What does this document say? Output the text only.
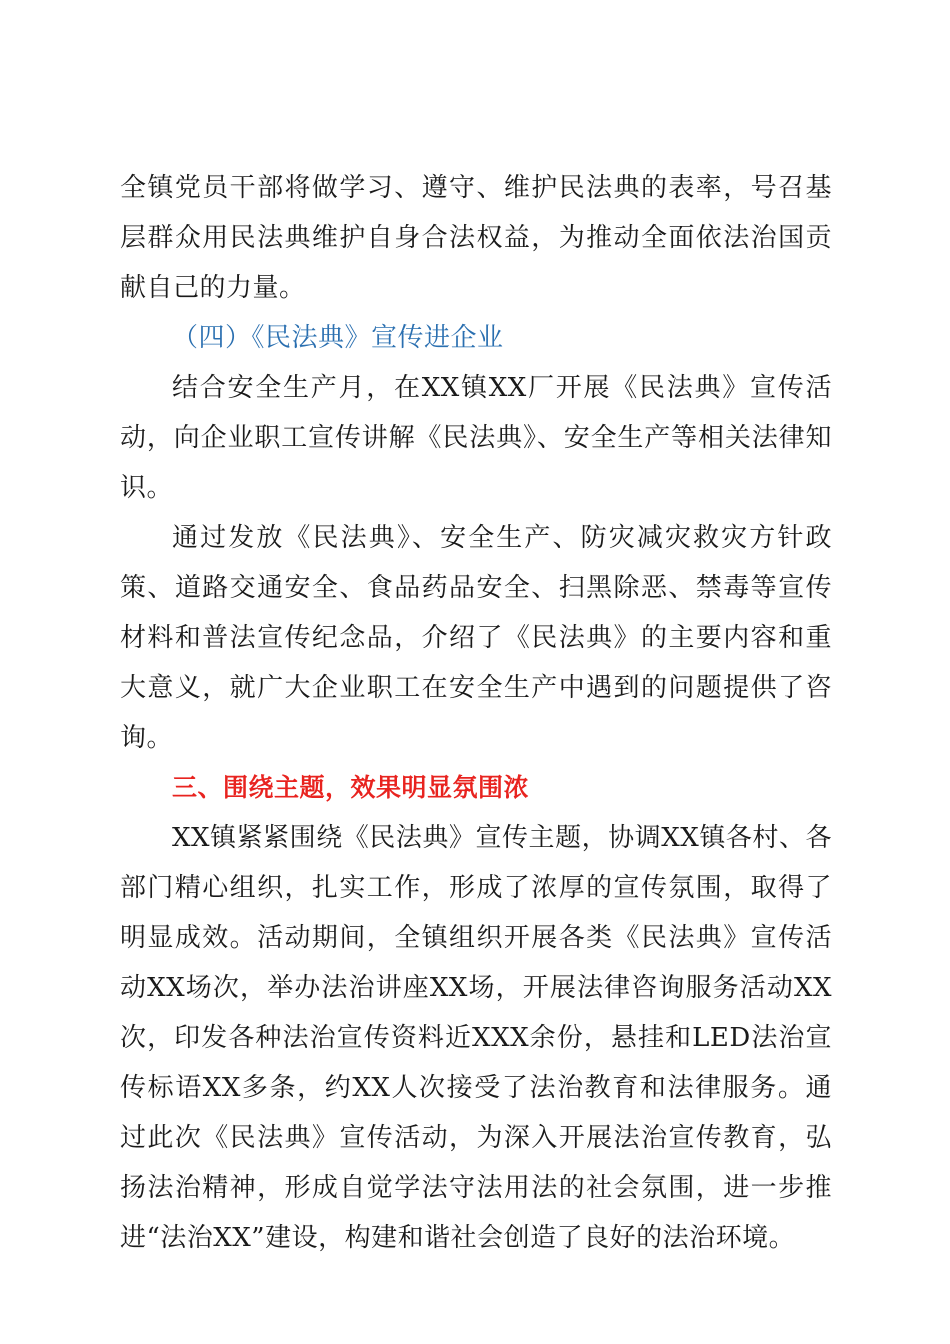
全镇党员干部将做学习、遵守、维护民法典的表率，号召基层群众用民法典维护自身合法权益，为推动全面依法治国贡献自己的力量。

（四）《民法典》宣传进企业

结合安全生产月，在XX镇XX厂开展《民法典》宣传活动，向企业职工宣传讲解《民法典》、安全生产等相关法律知识。

通过发放《民法典》、安全生产、防灾减灾救灾方针政策、道路交通安全、食品药品安全、扫黑除恶、禁毒等宣传材料和普法宣传纪念品，介绍了《民法典》的主要内容和重大意义，就广大企业职工在安全生产中遇到的问题提供了咨询。

三、围绕主题，效果明显氛围浓

XX镇紧紧围绕《民法典》宣传主题，协调XX镇各村、各部门精心组织，扎实工作，形成了浓厚的宣传氛围，取得了明显成效。活动期间，全镇组织开展各类《民法典》宣传活动XX场次，举办法治讲座XX场，开展法律咨询服务活动XX次，印发各种法治宣传资料近XXX余份，悬挂和LED法治宣传标语XX多条，约XX人次接受了法治教育和法律服务。通过此次《民法典》宣传活动，为深入开展法治宣传教育，弘扬法治精神，形成自觉学法守法用法的社会氛围，进一步推进“法治XX”建设，构建和谐社会创造了良好的法治环境。
